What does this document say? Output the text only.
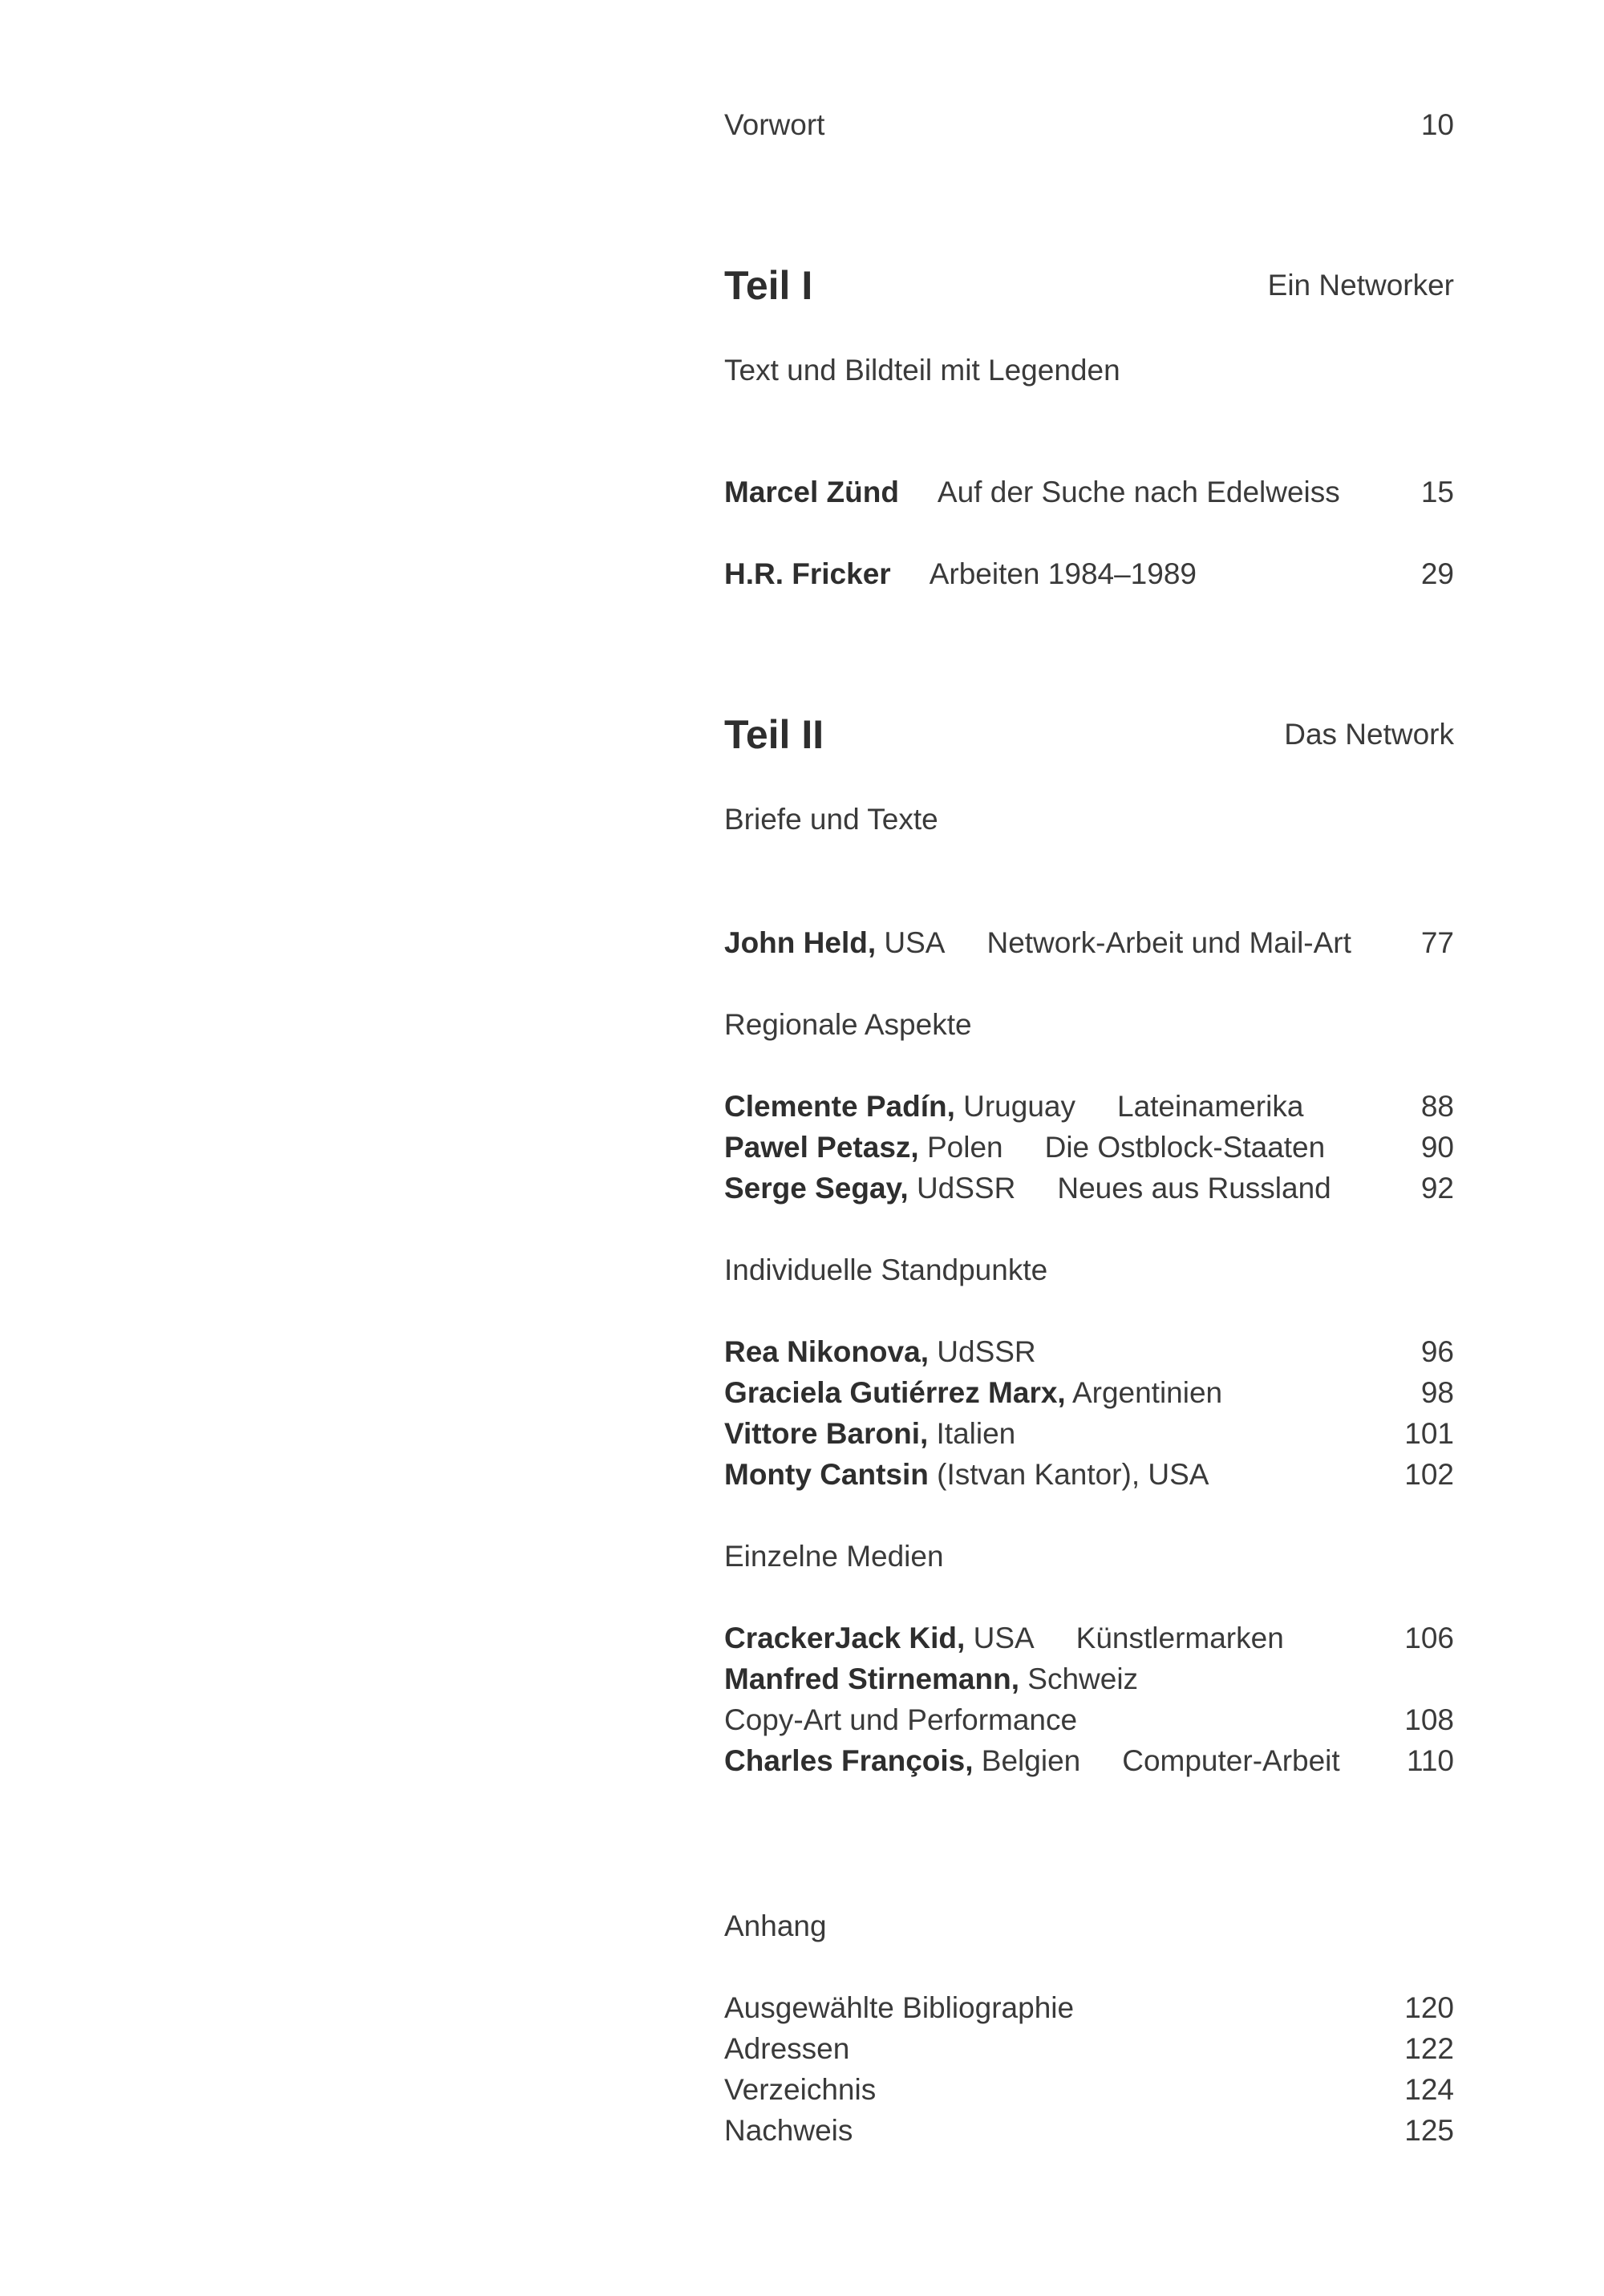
Vorwort	10
Teil I	Ein Networker
Text und Bildteil mit Legenden
Marcel Zünd Auf der Suche nach Edelweiss	15
H.R. Fricker Arbeiten 1984–1989	29
Teil II	Das Network
Briefe und Texte
John Held, USA Network-Arbeit und Mail-Art 77
Regionale Aspekte
Clemente Padín, Uruguay Lateinamerika	88
Pawel Petasz, Polen Die Ostblock-Staaten	90
Serge Segay, UdSSR Neues aus Russland	92
Individuelle Standpunkte
Rea Nikonova, UdSSR	96
Graciela Gutiérrez Marx, Argentinien	98
Vittore Baroni, Italien	101
Monty Cantsin (Istvan Kantor), USA	102
Einzelne Medien
CrackerJack Kid, USA Künstlermarken	106
Manfred Stirnemann, Schweiz
Copy-Art und Performance	108
Charles François, Belgien Computer-Arbeit 110
Anhang
Ausgewählte Bibliographie	120
Adressen	122
Verzeichnis	124
Nachweis	125
